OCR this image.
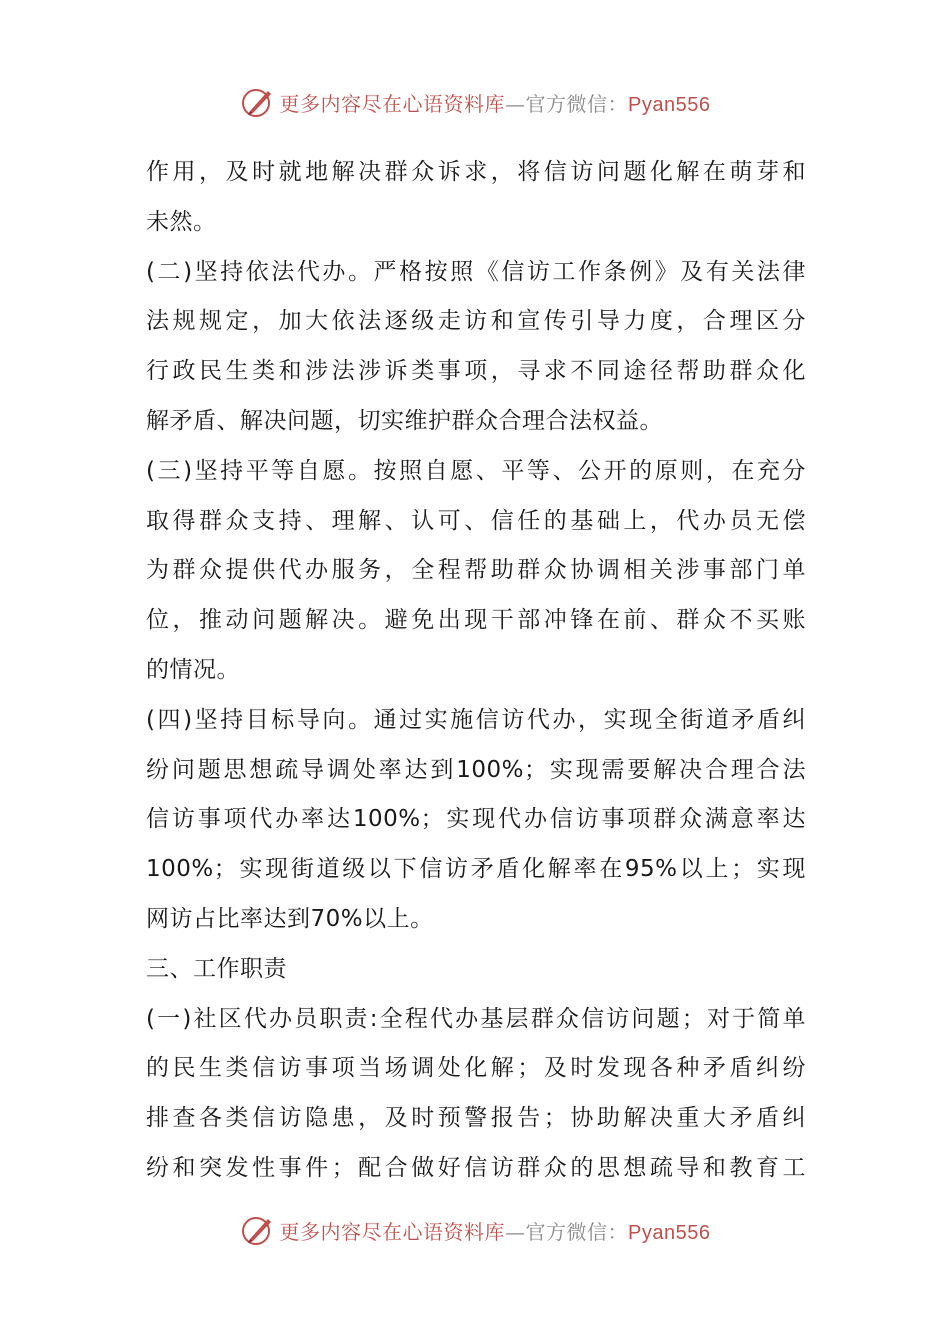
更多内容尽在心语资料库—官方微信：Pyan556
作用，及时就地解决群众诉求，将信访问题化解在萌芽和
未然。
(二)坚持依法代办。严格按照《信访工作条例》及有关法律
法规规定，加大依法逐级走访和宣传引导力度，合理区分
行政民生类和涉法涉诉类事项，寻求不同途径帮助群众化
解矛盾、解决问题，切实维护群众合理合法权益。
(三)坚持平等自愿。按照自愿、平等、公开的原则，在充分
取得群众支持、理解、认可、信任的基础上，代办员无偿
为群众提供代办服务，全程帮助群众协调相关涉事部门单
位，推动问题解决。避免出现干部冲锋在前、群众不买账
的情况。
(四)坚持目标导向。通过实施信访代办，实现全街道矛盾纠
纷问题思想疏导调处率达到100%；实现需要解决合理合法
信访事项代办率达100%；实现代办信访事项群众满意率达
100%；实现街道级以下信访矛盾化解率在95%以上；实现
网访占比率达到70%以上。
三、工作职责
(一)社区代办员职责:全程代办基层群众信访问题；对于简单
的民生类信访事项当场调处化解；及时发现各种矛盾纠纷
排查各类信访隐患，及时预警报告；协助解决重大矛盾纠
纷和突发性事件；配合做好信访群众的思想疏导和教育工
更多内容尽在心语资料库—官方微信：Pyan556
